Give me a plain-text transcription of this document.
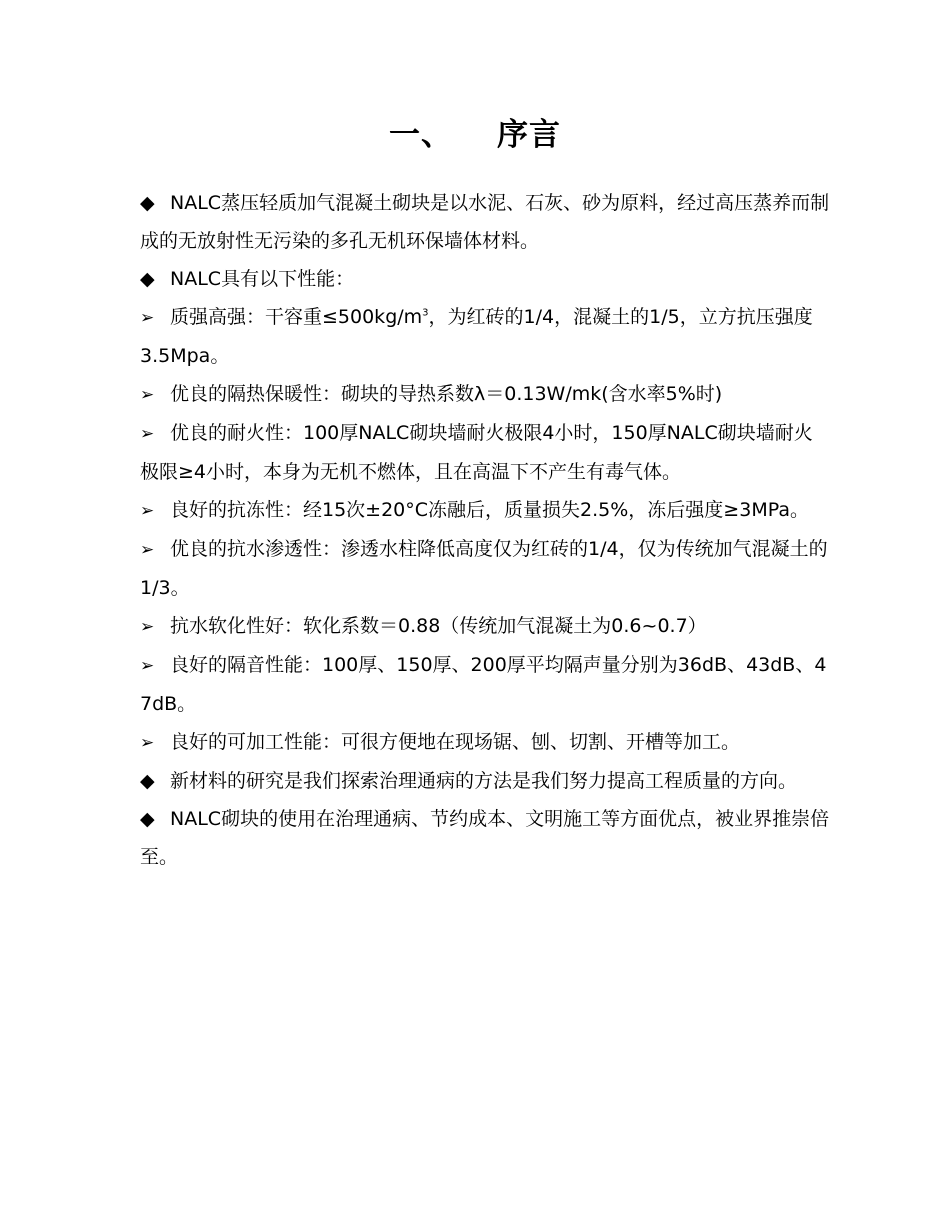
一、 序言

◆ NALC蒸压轻质加气混凝土砌块是以水泥、石灰、砂为原料，经过高压蒸养而制成的无放射性无污染的多孔无机环保墙体材料。

◆ NALC具有以下性能：

➢ 质强高强：干容重$\le 500kg/m^3$，为红砖的1/4，混凝土的1/5，立方抗压强度3.5Mpa。

➢ 优良的隔热保暖性：砌块的导热系数λ＝0.13W/mk(含水率5%时)

➢ 优良的耐火性：100厚NALC砌块墙耐火极限4小时，150厚NALC砌块墙耐火极限≥4小时，本身为无机不燃体，且在高温下不产生有毒气体。

➢ 良好的抗冻性：经15次±20°C冻融后，质量损失2.5%，冻后强度≥3MPa。

➢ 优良的抗水渗透性：渗透水柱降低高度仅为红砖的1/4，仅为传统加气混凝土的1/3。

➢ 抗水软化性好：软化系数＝0.88（传统加气混凝土为0.6~0.7）

➢ 良好的隔音性能：100厚、150厚、200厚平均隔声量分别为36dB、43dB、47dB。

➢ 良好的可加工性能：可很方便地在现场锯、刨、切割、开槽等加工。

◆ 新材料的研究是我们探索治理通病的方法是我们努力提高工程质量的方向。

◆ NALC砌块的使用在治理通病、节约成本、文明施工等方面优点，被业界推崇倍至。
